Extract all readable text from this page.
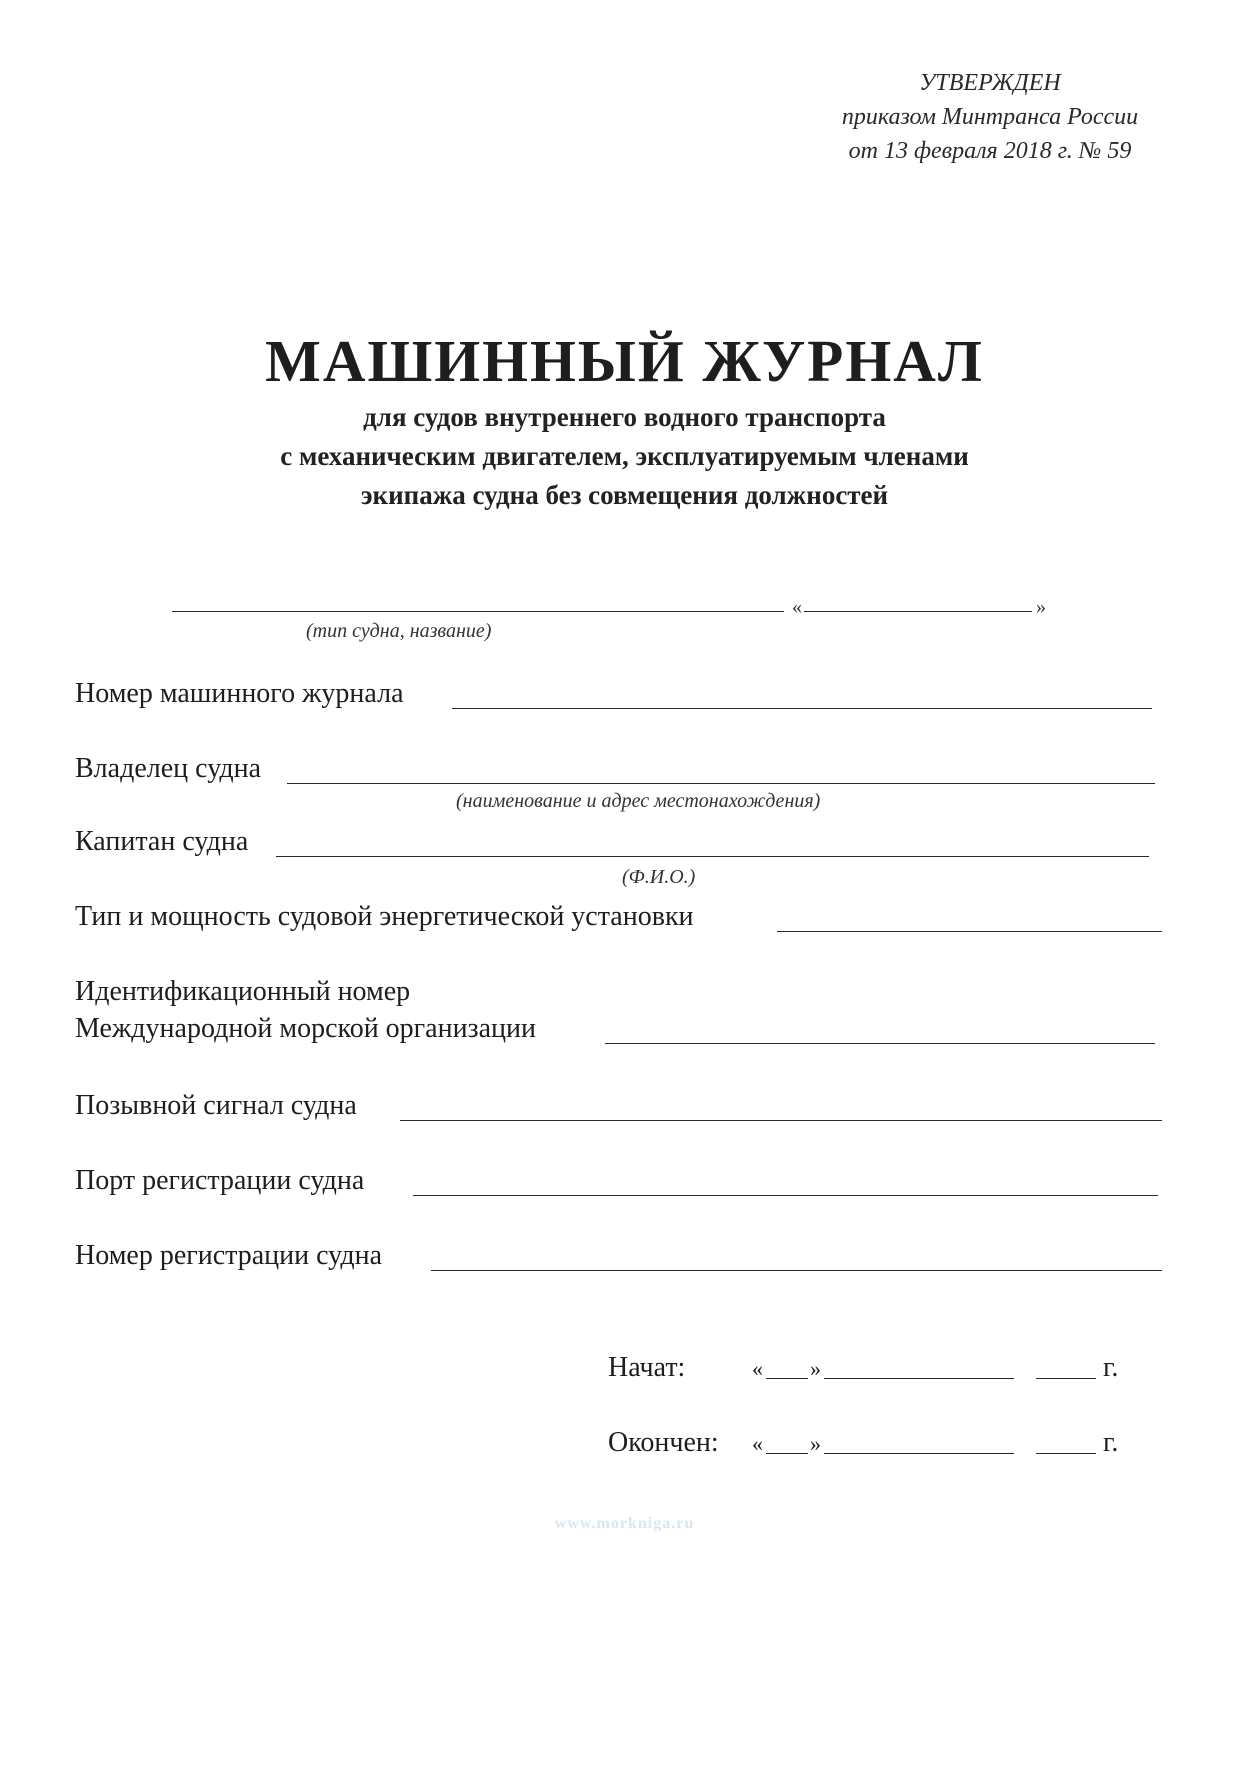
УТВЕРЖДЕН
приказом Минтранса России
от 13 февраля 2018 г. № 59
МАШИННЫЙ ЖУРНАЛ
для судов внутреннего водного транспорта
с механическим двигателем, эксплуатируемым членами
экипажа судна без совмещения должностей
«	»
(тип судна, название)
Номер машинного журнала
Владелец судна
(наименование и адрес местонахождения)
Капитан судна
(Ф.И.О.)
Тип и мощность судовой энергетической установки
Идентификационный номер
Международной морской организации
Позывной сигнал судна
Порт регистрации судна
Номер регистрации судна
Начат:	« »	г.
Окончен: « »	г.
www.morkniga.ru
